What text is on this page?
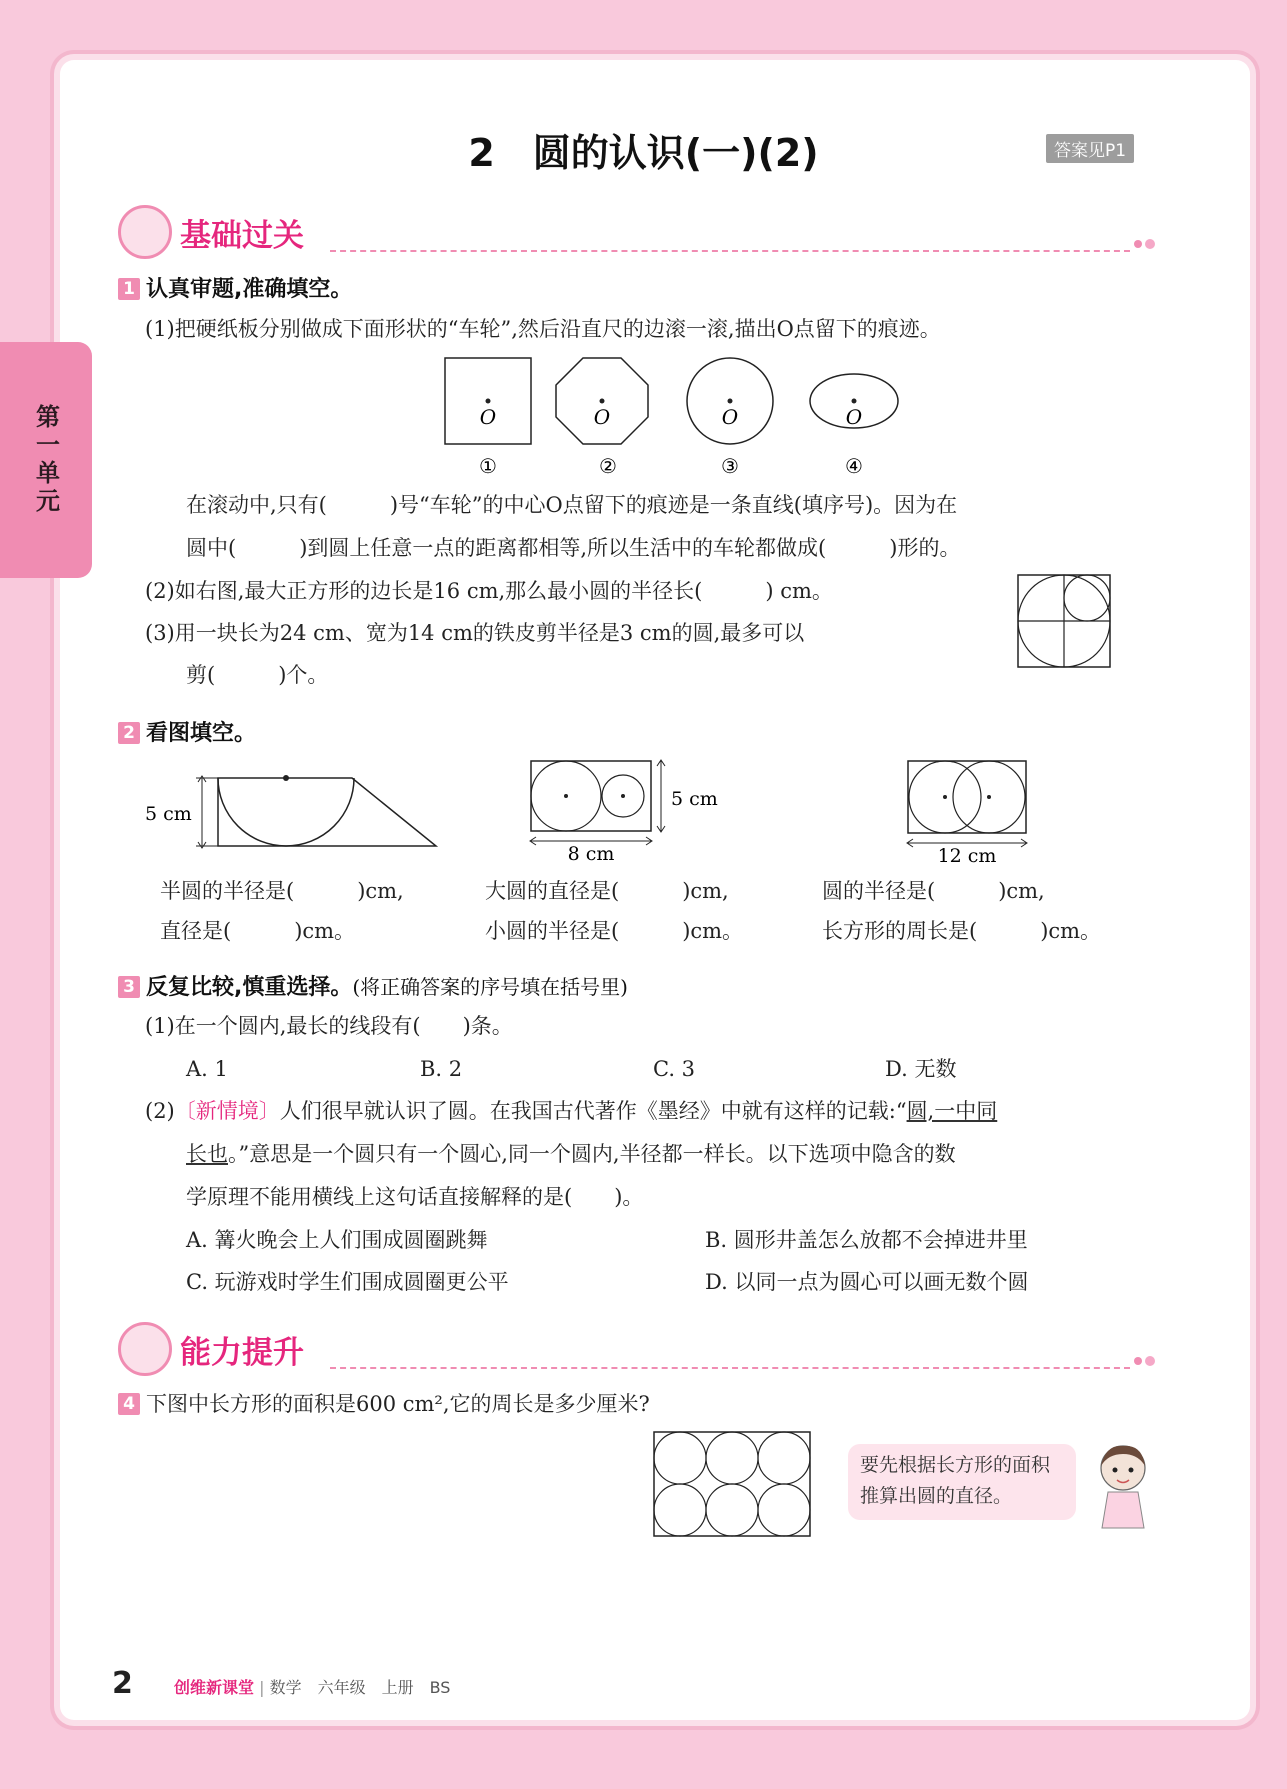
第一单元
2　圆的认识(一)(2)	答案见P1
基础过关
1 认真审题,准确填空。
(1)把硬纸板分别做成下面形状的“车轮”,然后沿直尺的边滚一滚,描出O点留下的痕迹。
O	O	O	O
①	②	③	④
在滚动中,只有(　　　)号“车轮”的中心O点留下的痕迹是一条直线(填序号)。因为在
圆中(　　　)到圆上任意一点的距离都相等,所以生活中的车轮都做成(　　　)形的。
(2)如右图,最大正方形的边长是16 cm,那么最小圆的半径长(　　　) cm。
(3)用一块长为24 cm、宽为14 cm的铁皮剪半径是3 cm的圆,最多可以
剪(　　　)个。
2 看图填空。
5 cm
5 cm
8 cm	12 cm
半圆的半径是(　　　)cm,
直径是(　　　)cm。
大圆的直径是(　　　)cm,
小圆的半径是(　　　)cm。
圆的半径是(　　　)cm,
长方形的周长是(　　　)cm。
3 反复比较,慎重选择。(将正确答案的序号填在括号里)
(1)在一个圆内,最长的线段有(　　)条。
A. 1	B. 2	C. 3	D. 无数
(2)〔新情境〕人们很早就认识了圆。在我国古代著作《墨经》中就有这样的记载:“圆,一中同
长也。”意思是一个圆只有一个圆心,同一个圆内,半径都一样长。以下选项中隐含的数
学原理不能用横线上这句话直接解释的是(　　)。
A. 篝火晚会上人们围成圆圈跳舞	B. 圆形井盖怎么放都不会掉进井里
C. 玩游戏时学生们围成圆圈更公平	D. 以同一点为圆心可以画无数个圆
能力提升
4 下图中长方形的面积是600 cm²,它的周长是多少厘米?
要先根据长方形的面积推算出圆的直径。
2	创维新课堂 | 数学　六年级　上册　BS
